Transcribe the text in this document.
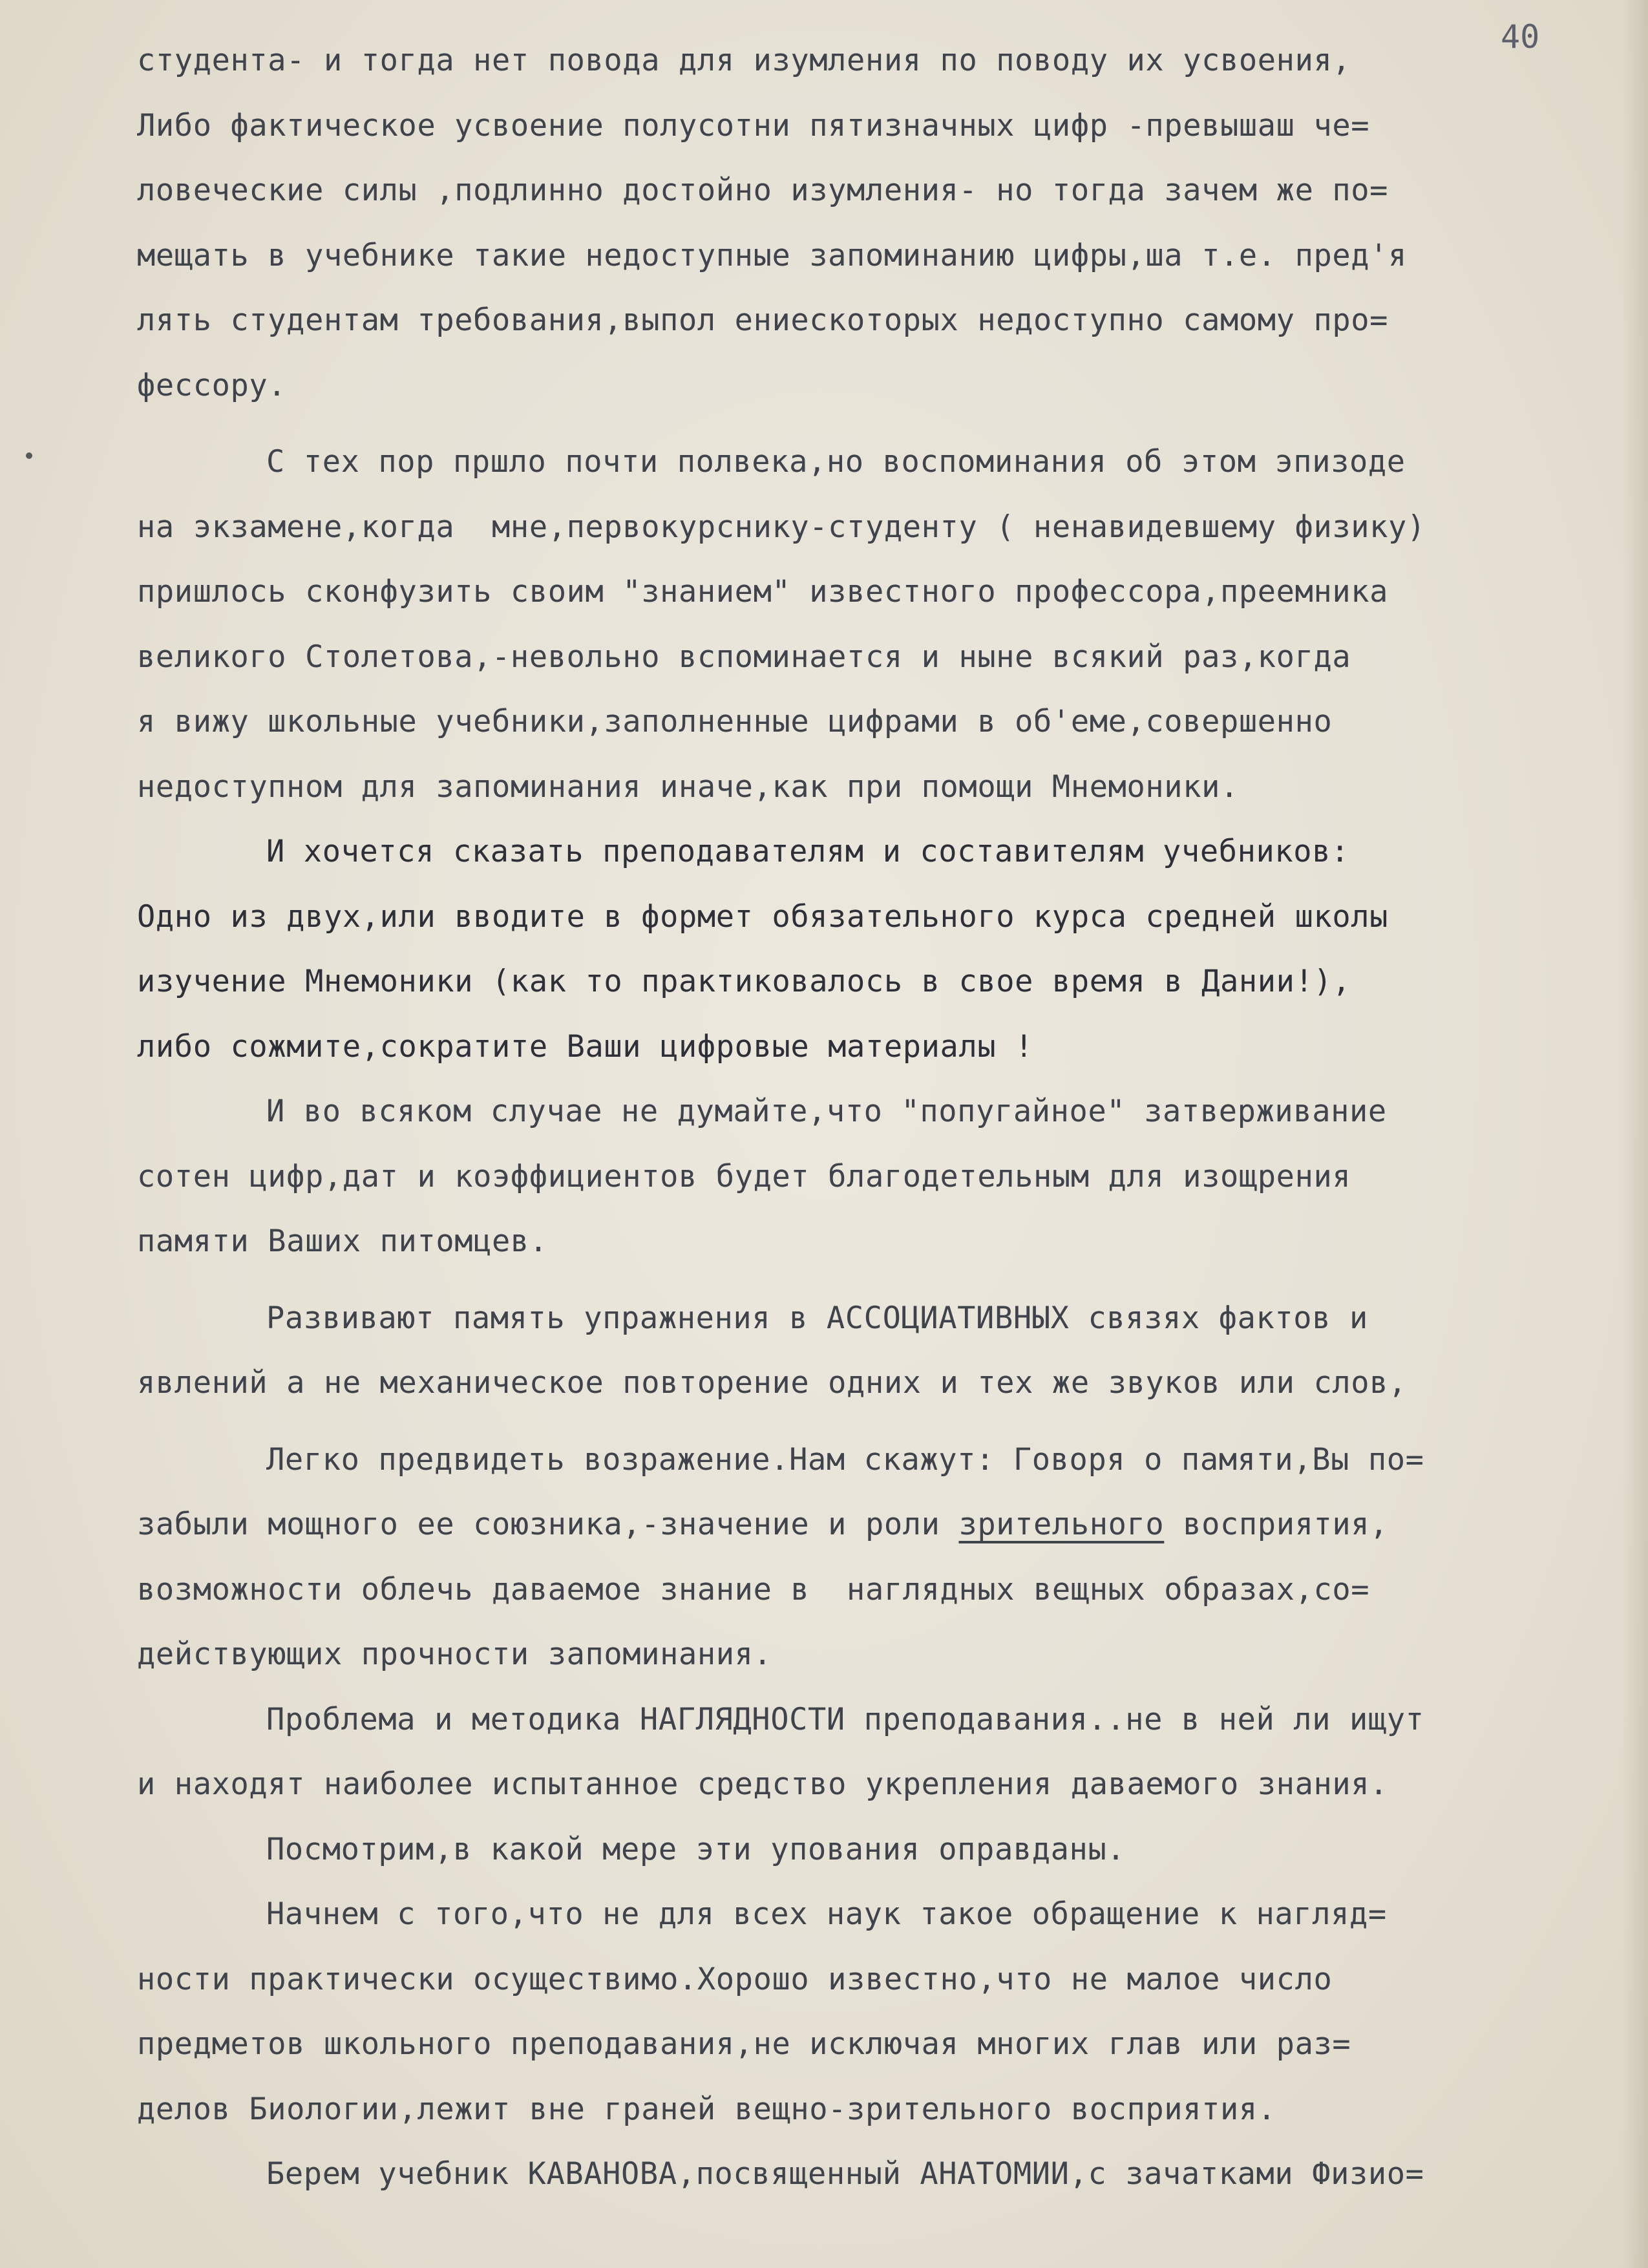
40
студента- и тогда нет повода для изумления по поводу их усвоения,
Либо фактическое усвоение полусотни пятизначных цифр -превышаш че=
ловеческие силы ,подлинно достойно изумления- но тогда зачем же по=
мещать в учебнике такие недоступные запоминанию цифры,ша т.е. пред'я
лять студентам требования,выпол ениескоторых недоступно самому про=
фессору.
С тех пор пршло почти полвека,но воспоминания об этом эпизоде
на экзамене,когда  мне,первокурснику-студенту ( ненавидевшему физику)
пришлось сконфузить своим "знанием" известного профессора,преемника
великого Столетова,-невольно вспоминается и ныне всякий раз,когда
я вижу школьные учебники,заполненные цифрами в об'еме,совершенно
недоступном для запоминания иначе,как при помощи Мнемоники.
И хочется сказать преподавателям и составителям учебников:
Одно из двух,или вводите в формет обязательного курса средней школы
изучение Мнемоники (как то практиковалось в свое время в Дании!),
либо сожмите,сократите Ваши цифровые материалы !
И во всяком случае не думайте,что "попугайное" затверживание
сотен цифр,дат и коэффициентов будет благодетельным для изощрения
памяти Ваших питомцев.
Развивают память упражнения в АССОЦИАТИВНЫХ связях фактов и
явлений а не механическое повторение одних и тех же звуков или слов,
Легко предвидеть возражение.Нам скажут: Говоря о памяти,Вы по=
забыли мощного ее союзника,-значение и роли зрительного восприятия,
возможности облечь даваемое знание в  наглядных вещных образах,со=
действующих прочности запоминания.
Проблема и методика НАГЛЯДНОСТИ преподавания..не в ней ли ищут
и находят наиболее испытанное средство укрепления даваемого знания.
Посмотрим,в какой мере эти упования оправданы.
Начнем с того,что не для всех наук такое обращение к нагляд=
ности практически осуществимо.Хорошо известно,что не малое число
предметов школьного преподавания,не исключая многих глав или раз=
делов Биологии,лежит вне граней вещно-зрительного восприятия.
Берем учебник КАВАНОВА,посвященный АНАТОМИИ,с зачатками Физио=
